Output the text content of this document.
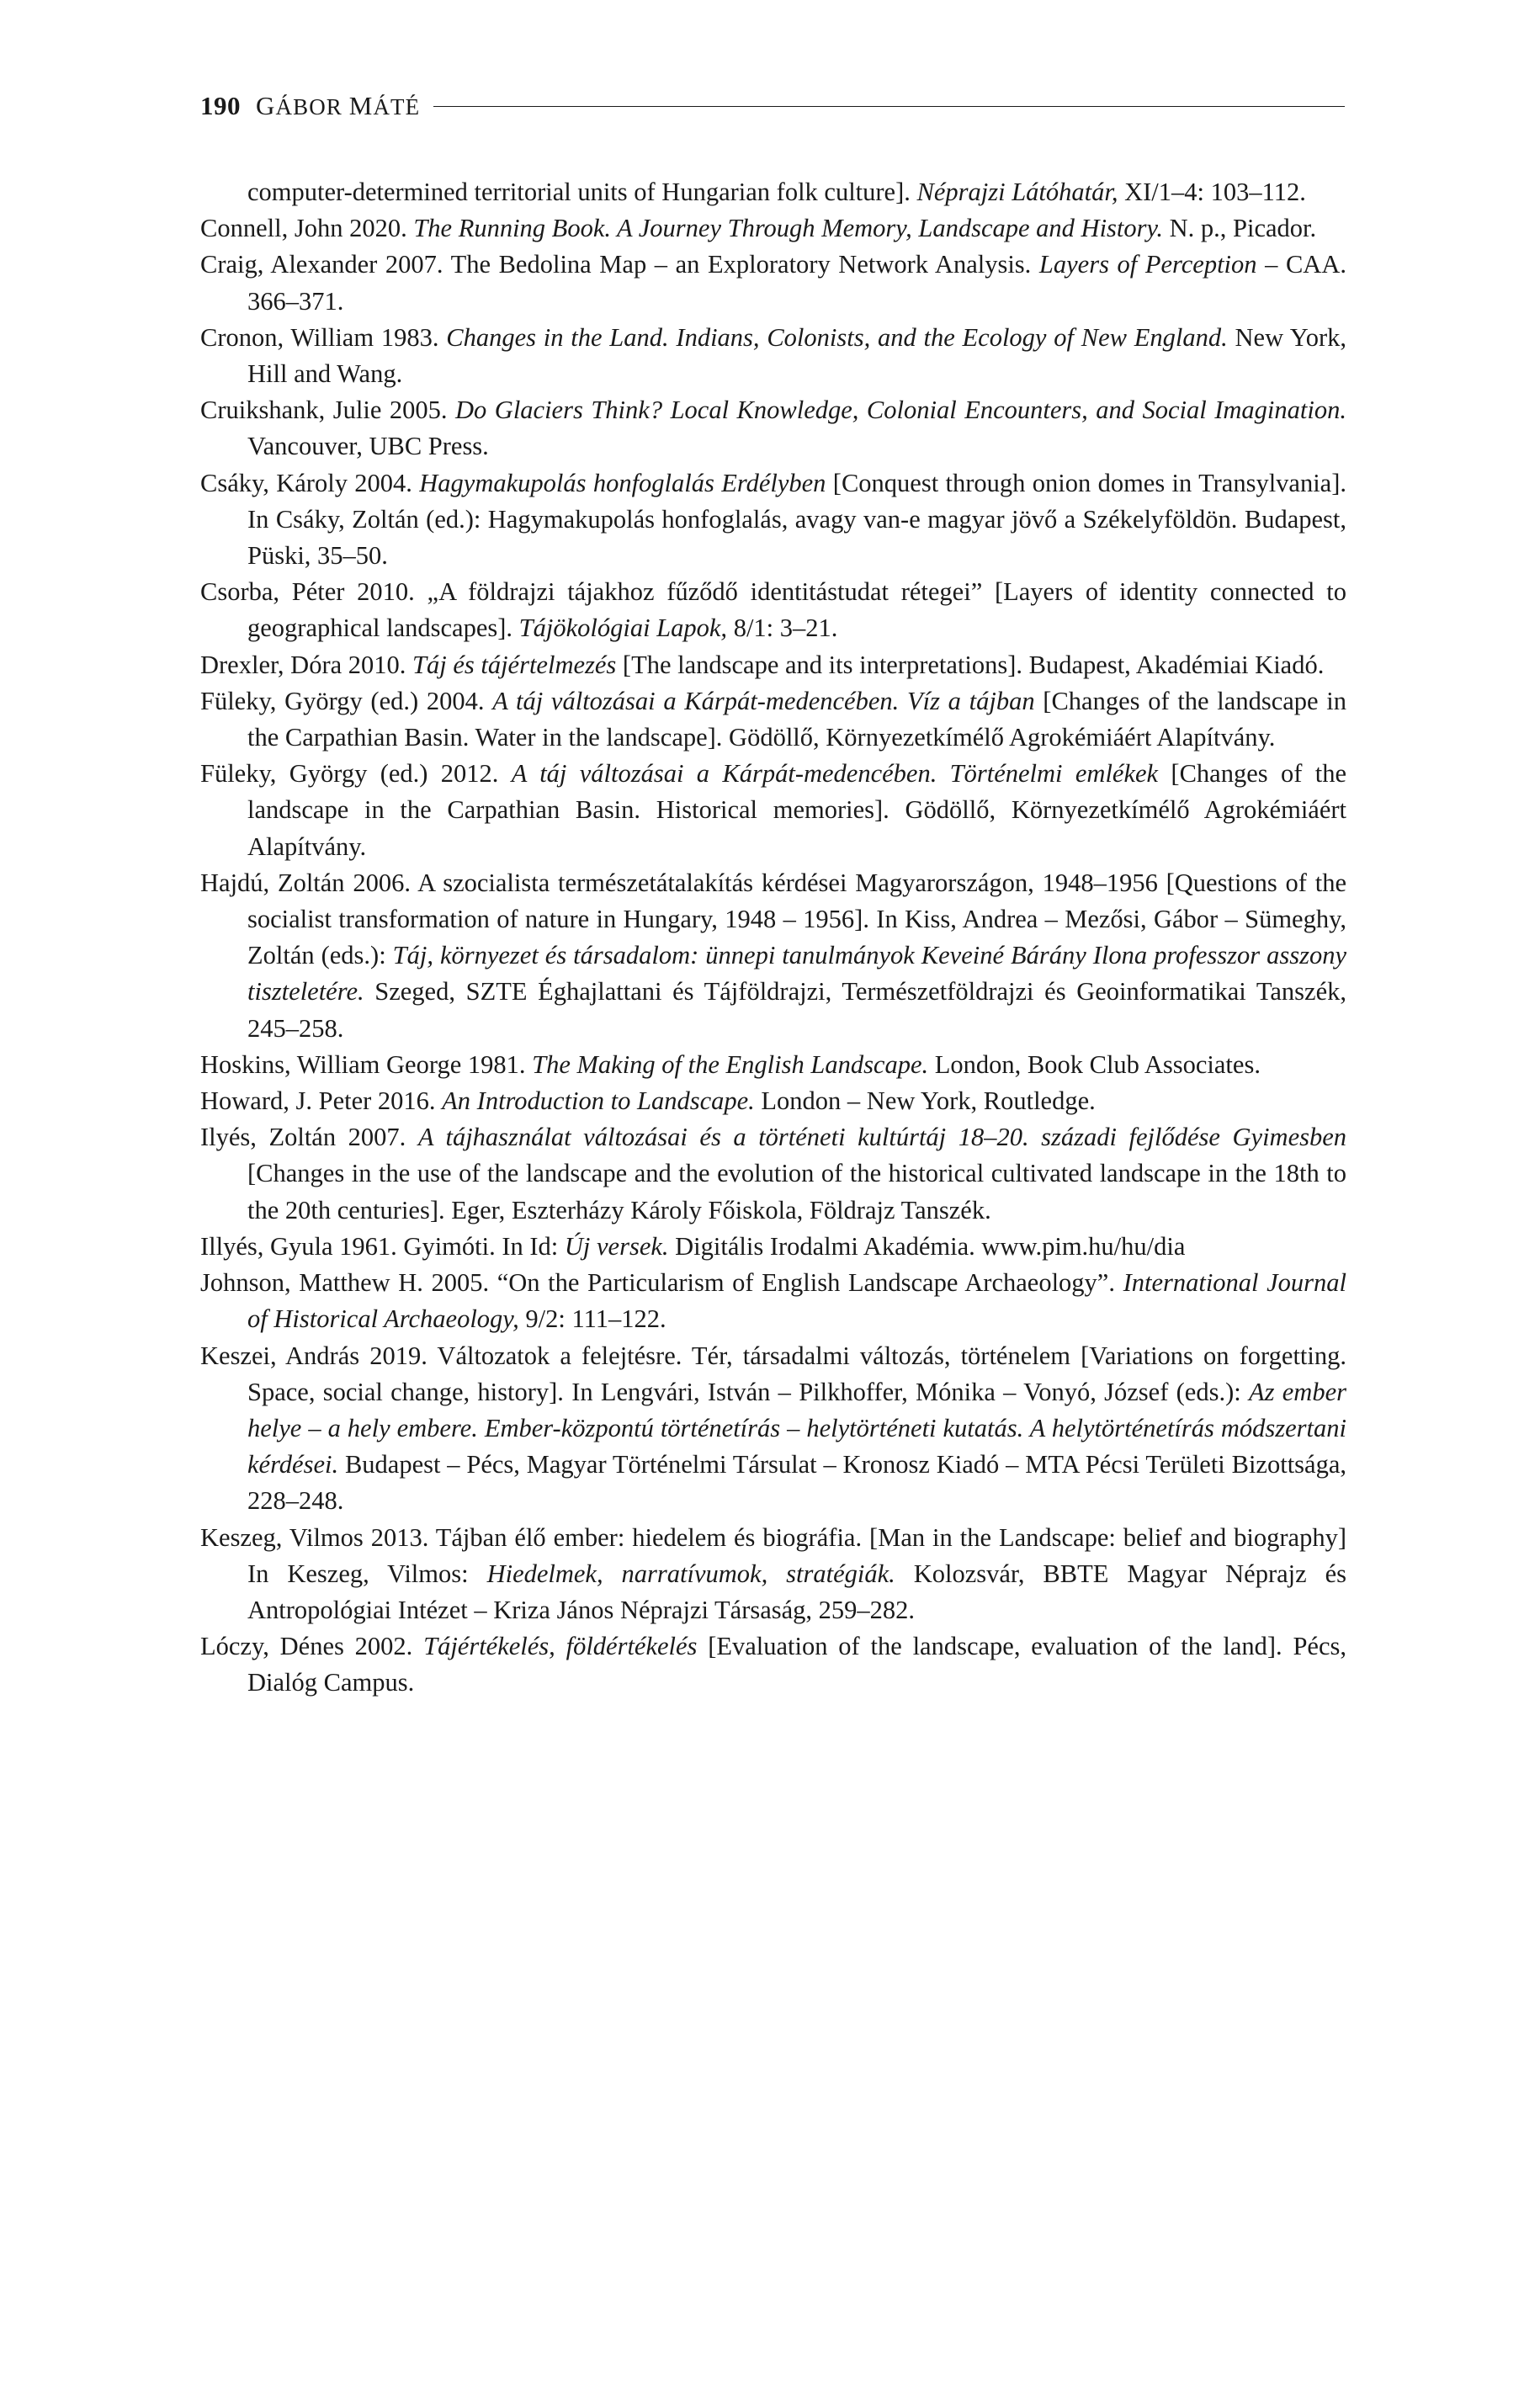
190 GÁBOR MÁTÉ

computer-determined territorial units of Hungarian folk culture]. Néprajzi Látóhatár, XI/1–4: 103–112.

Connell, John 2020. The Running Book. A Journey Through Memory, Landscape and History. N. p., Picador.

Craig, Alexander 2007. The Bedolina Map – an Exploratory Network Analysis. Layers of Perception – CAA. 366–371.

Cronon, William 1983. Changes in the Land. Indians, Colonists, and the Ecology of New England. New York, Hill and Wang.

Cruikshank, Julie 2005. Do Glaciers Think? Local Knowledge, Colonial Encounters, and Social Imagination. Vancouver, UBC Press.

Csáky, Károly 2004. Hagymakupolás honfoglalás Erdélyben [Conquest through onion domes in Transylvania]. In Csáky, Zoltán (ed.): Hagymakupolás honfoglalás, avagy van-e magyar jövő a Székelyföldön. Budapest, Püski, 35–50.

Csorba, Péter 2010. „A földrajzi tájakhoz fűződő identitástudat rétegei” [Layers of identity connected to geographical landscapes]. Tájökológiai Lapok, 8/1: 3–21.

Drexler, Dóra 2010. Táj és tájértelmezés [The landscape and its interpretations]. Budapest, Akadémiai Kiadó.

Füleky, György (ed.) 2004. A táj változásai a Kárpát-medencében. Víz a tájban [Changes of the landscape in the Carpathian Basin. Water in the landscape]. Gödöllő, Környezetkímélő Agrokémiáért Alapítvány.

Füleky, György (ed.) 2012. A táj változásai a Kárpát-medencében. Történelmi emlékek [Changes of the landscape in the Carpathian Basin. Historical memories]. Gödöllő, Környezetkímélő Agrokémiáért Alapítvány.

Hajdú, Zoltán 2006. A szocialista természetátalakítás kérdései Magyarországon, 1948–1956 [Questions of the socialist transformation of nature in Hungary, 1948 – 1956]. In Kiss, Andrea – Mezősi, Gábor – Sümeghy, Zoltán (eds.): Táj, környezet és társadalom: ünnepi tanulmányok Keveiné Bárány Ilona professzor asszony tiszteletére. Szeged, SZTE Éghajlattani és Tájföldrajzi, Természetföldrajzi és Geoinformatikai Tanszék, 245–258.

Hoskins, William George 1981. The Making of the English Landscape. London, Book Club Associates.

Howard, J. Peter 2016. An Introduction to Landscape. London – New York, Routledge.

Ilyés, Zoltán 2007. A tájhasználat változásai és a történeti kultúrtáj 18–20. századi fejlődése Gyimesben [Changes in the use of the landscape and the evolution of the historical cultivated landscape in the 18th to the 20th centuries]. Eger, Eszterházy Károly Főiskola, Földrajz Tanszék.

Illyés, Gyula 1961. Gyimóti. In Id: Új versek. Digitális Irodalmi Akadémia. www.pim.hu/hu/dia

Johnson, Matthew H. 2005. “On the Particularism of English Landscape Archaeology”. International Journal of Historical Archaeology, 9/2: 111–122.

Keszei, András 2019. Változatok a felejtésre. Tér, társadalmi változás, történelem [Variations on forgetting. Space, social change, history]. In Lengvári, István – Pilkhoffer, Mónika – Vonyó, József (eds.): Az ember helye – a hely embere. Ember-központú történetírás – helytörténeti kutatás. A helytörténetírás módszertani kérdései. Budapest – Pécs, Magyar Történelmi Társulat – Kronosz Kiadó – MTA Pécsi Területi Bizottsága, 228–248.

Keszeg, Vilmos 2013. Tájban élő ember: hiedelem és biográfia. [Man in the Landscape: belief and biography] In Keszeg, Vilmos: Hiedelmek, narratívumok, stratégiák. Kolozsvár, BBTE Magyar Néprajz és Antropológiai Intézet – Kriza János Néprajzi Társaság, 259–282.

Lóczy, Dénes 2002. Tájértékelés, földértékelés [Evaluation of the landscape, evaluation of the land]. Pécs, Dialóg Campus.
